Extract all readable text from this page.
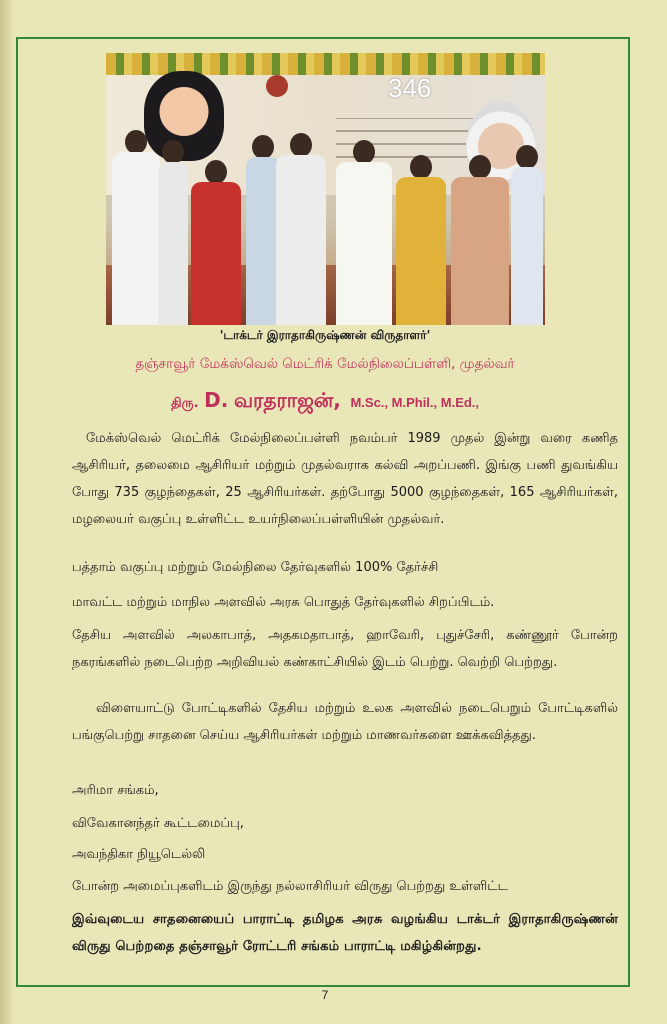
346
'டாக்டர் இராதாகிருஷ்ணன் விருதாளர்'
தஞ்சாவூர் மேக்ஸ்வெல் மெட்ரிக் மேல்நிலைப்பள்ளி, முதல்வர்
திரு. D. வரதராஜன், M.Sc., M.Phil., M.Ed.,
மேக்ஸ்வெல் மெட்ரிக் மேல்நிலைப்பள்ளி நவம்பர் 1989 முதல் இன்று வரை கணித ஆசிரியர், தலைமை ஆசிரியர் மற்றும் முதல்வராக கல்வி அறப்பணி. இங்கு பணி துவங்கிய போது 735 குழந்தைகள், 25 ஆசிரியர்கள். தற்போது 5000 குழந்தைகள், 165 ஆசிரியர்கள், மழலையர் வகுப்பு உள்ளிட்ட உயர்நிலைப்பள்ளியின் முதல்வர்.
பத்தாம் வகுப்பு மற்றும் மேல்நிலை தேர்வுகளில் 100% தேர்ச்சி
மாவட்ட மற்றும் மாநில அளவில் அரசு பொதுத் தேர்வுகளில் சிறப்பிடம்.
தேசிய அளவில் அலகாபாத், அதகமதாபாத், ஹாவேரி, புதுச்சேரி, கண்ணூர் போன்ற நகரங்களில் நடைபெற்ற அறிவியல் கண்காட்சியில் இடம் பெற்று. வெற்றி பெற்றது.
விளையாட்டு போட்டிகளில் தேசிய மற்றும் உலக அளவில் நடைபெறும் போட்டிகளில் பங்குபெற்று சாதனை செய்ய ஆசிரியர்கள் மற்றும் மாணவர்களை ஊக்கவித்தது.
அரிமா சங்கம்,
விவேகானந்தர் கூட்டமைப்பு,
அவந்திகா நியூடெல்லி
போன்ற அமைப்புகளிடம் இருந்து நல்லாசிரியர் விருது பெற்றது உள்ளிட்ட
இவ்வுடைய சாதனையைப் பாராட்டி தமிழக அரசு வழங்கிய டாக்டர் இராதாகிருஷ்ணன் விருது பெற்றதை தஞ்சாவூர் ரோட்டரி சங்கம் பாராட்டி மகிழ்கின்றது.
7
